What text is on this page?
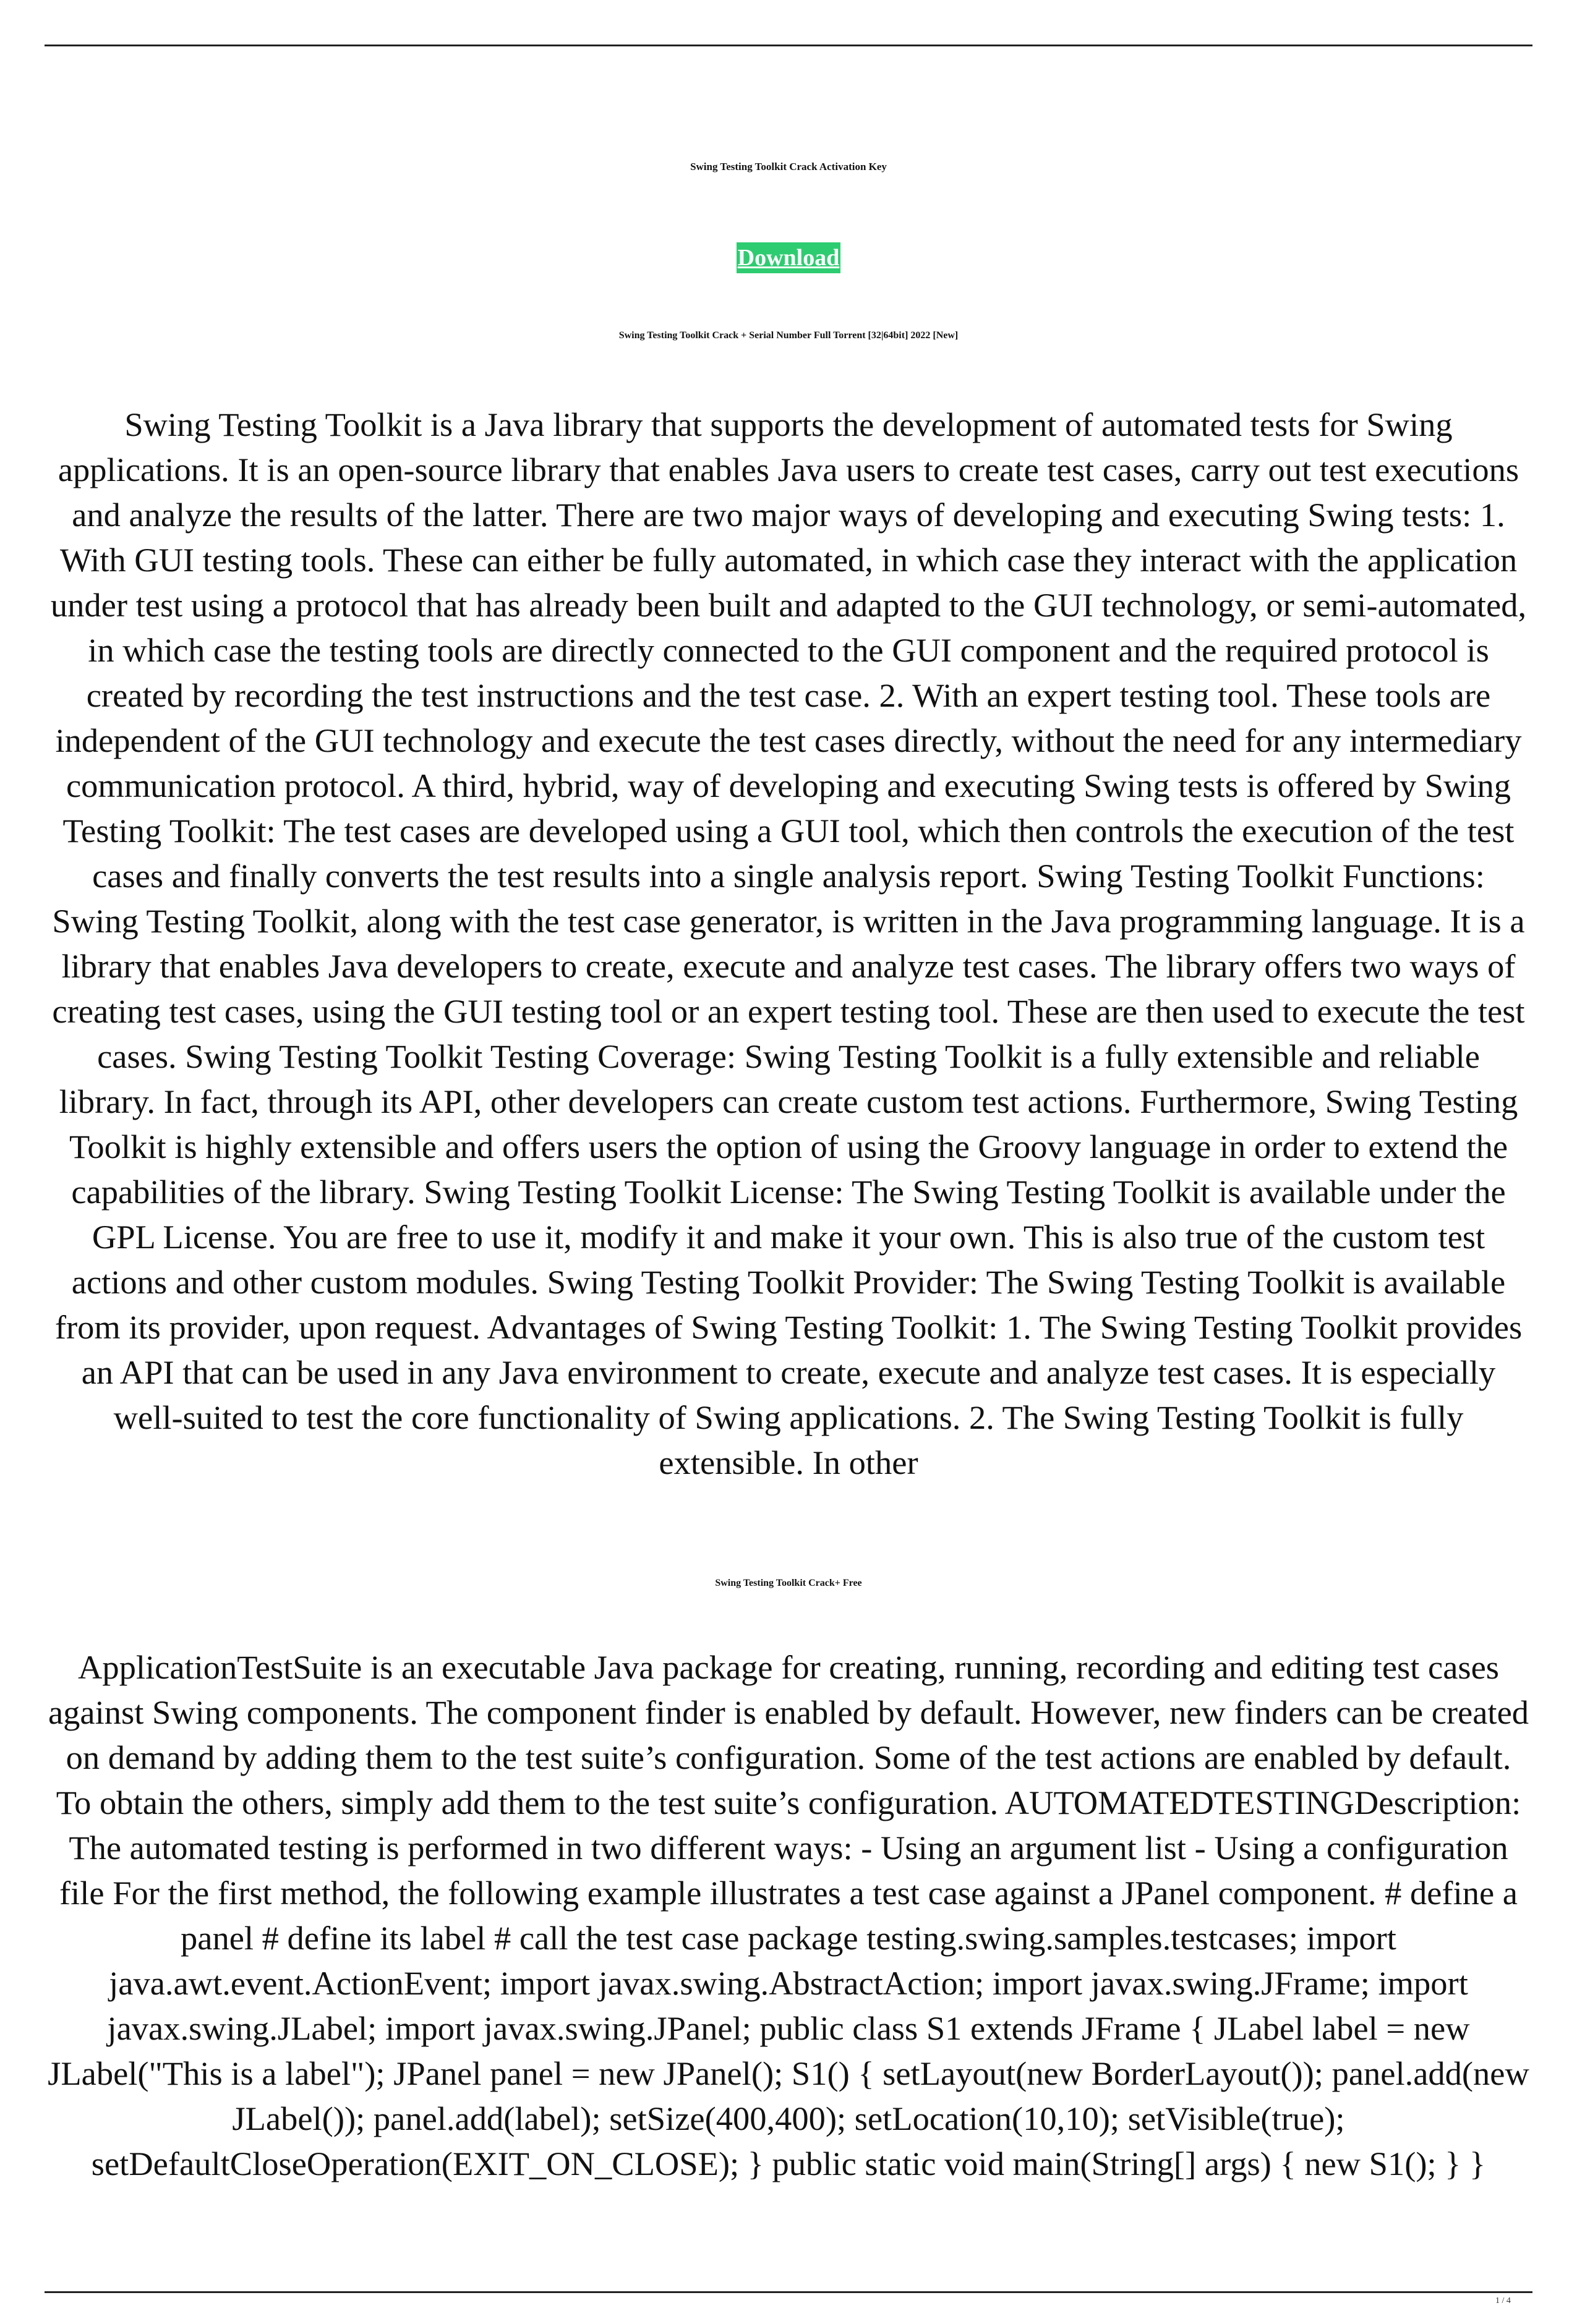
Swing Testing Toolkit Crack Activation Key
Download
Swing Testing Toolkit Crack + Serial Number Full Torrent [32|64bit] 2022 [New]

Swing Testing Toolkit is a Java library that supports the development of automated tests for Swing applications. It is an open-source library that enables Java users to create test cases, carry out test executions and analyze the results of the latter. There are two major ways of developing and executing Swing tests: 1. With GUI testing tools. These can either be fully automated, in which case they interact with the application under test using a protocol that has already been built and adapted to the GUI technology, or semi-automated, in which case the testing tools are directly connected to the GUI component and the required protocol is created by recording the test instructions and the test case. 2. With an expert testing tool. These tools are independent of the GUI technology and execute the test cases directly, without the need for any intermediary communication protocol. A third, hybrid, way of developing and executing Swing tests is offered by Swing Testing Toolkit: The test cases are developed using a GUI tool, which then controls the execution of the test cases and finally converts the test results into a single analysis report. Swing Testing Toolkit Functions: Swing Testing Toolkit, along with the test case generator, is written in the Java programming language. It is a library that enables Java developers to create, execute and analyze test cases. The library offers two ways of creating test cases, using the GUI testing tool or an expert testing tool. These are then used to execute the test cases. Swing Testing Toolkit Testing Coverage: Swing Testing Toolkit is a fully extensible and reliable library. In fact, through its API, other developers can create custom test actions. Furthermore, Swing Testing Toolkit is highly extensible and offers users the option of using the Groovy language in order to extend the capabilities of the library. Swing Testing Toolkit License: The Swing Testing Toolkit is available under the GPL License. You are free to use it, modify it and make it your own. This is also true of the custom test actions and other custom modules. Swing Testing Toolkit Provider: The Swing Testing Toolkit is available from its provider, upon request. Advantages of Swing Testing Toolkit: 1. The Swing Testing Toolkit provides an API that can be used in any Java environment to create, execute and analyze test cases. It is especially well-suited to test the core functionality of Swing applications. 2. The Swing Testing Toolkit is fully extensible. In other

Swing Testing Toolkit Crack+ Free

ApplicationTestSuite is an executable Java package for creating, running, recording and editing test cases against Swing components. The component finder is enabled by default. However, new finders can be created on demand by adding them to the test suite’s configuration. Some of the test actions are enabled by default. To obtain the others, simply add them to the test suite’s configuration. AUTOMATEDTESTINGDescription: The automated testing is performed in two different ways: - Using an argument list - Using a configuration file For the first method, the following example illustrates a test case against a JPanel component. # define a panel # define its label # call the test case package testing.swing.samples.testcases; import java.awt.event.ActionEvent; import javax.swing.AbstractAction; import javax.swing.JFrame; import javax.swing.JLabel; import javax.swing.JPanel; public class S1 extends JFrame { JLabel label = new JLabel("This is a label"); JPanel panel = new JPanel(); S1() { setLayout(new BorderLayout()); panel.add(new JLabel()); panel.add(label); setSize(400,400); setLocation(10,10); setVisible(true); setDefaultCloseOperation(EXIT_ON_CLOSE); } public static void main(String[] args) { new S1(); } }

1 / 4
